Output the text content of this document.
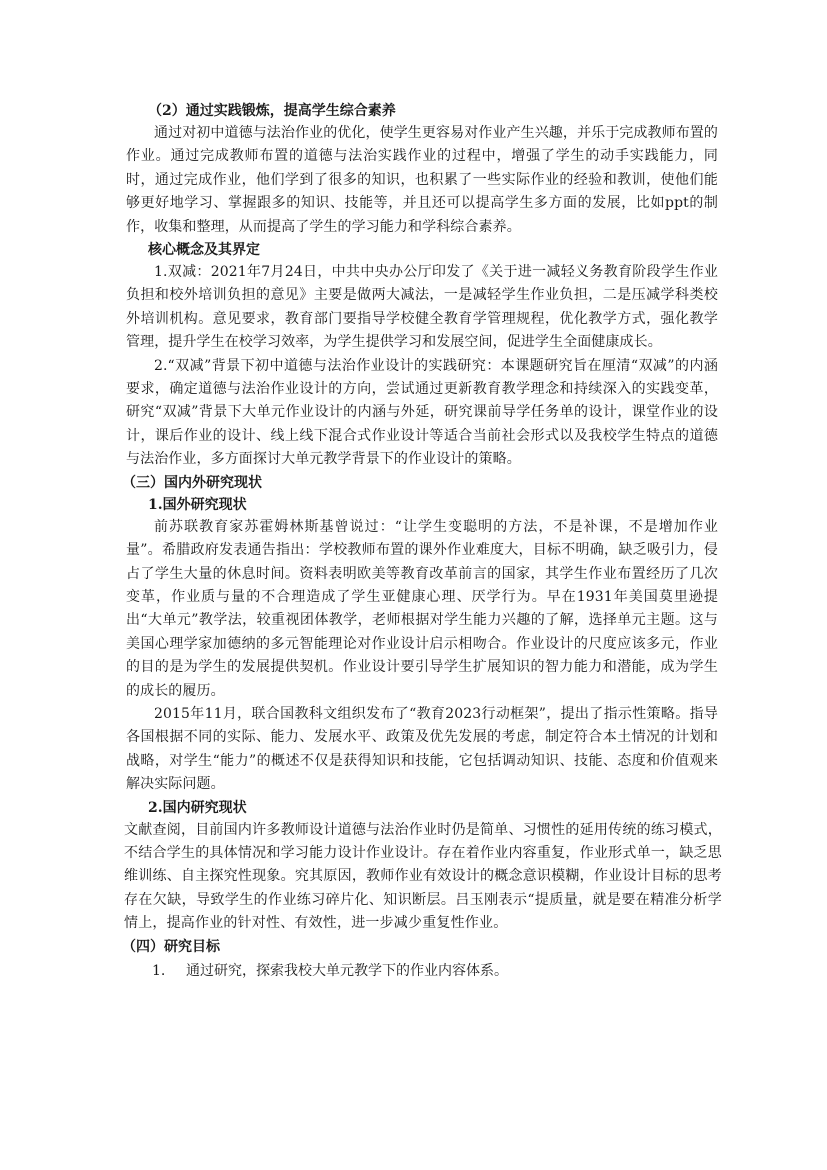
（2）通过实践锻炼，提高学生综合素养

通过对初中道德与法治作业的优化，使学生更容易对作业产生兴趣，并乐于完成教师布置的作业。通过完成教师布置的道德与法治实践作业的过程中，增强了学生的动手实践能力，同时，通过完成作业，他们学到了很多的知识，也积累了一些实际作业的经验和教训，使他们能够更好地学习、掌握跟多的知识、技能等，并且还可以提高学生多方面的发展，比如ppt的制作，收集和整理，从而提高了学生的学习能力和学科综合素养。

核心概念及其界定

1.双减：2021年7月24日，中共中央办公厅印发了《关于进一减轻义务教育阶段学生作业负担和校外培训负担的意见》主要是做两大减法，一是减轻学生作业负担，二是压减学科类校外培训机构。意见要求，教育部门要指导学校健全教育学管理规程，优化教学方式，强化教学管理，提升学生在校学习效率，为学生提供学习和发展空间，促进学生全面健康成长。

2.“双减”背景下初中道德与法治作业设计的实践研究：本课题研究旨在厘清“双减”的内涵要求，确定道德与法治作业设计的方向，尝试通过更新教育教学理念和持续深入的实践变革，研究“双减”背景下大单元作业设计的内涵与外延，研究课前导学任务单的设计，课堂作业的设计，课后作业的设计、线上线下混合式作业设计等适合当前社会形式以及我校学生特点的道德与法治作业，多方面探讨大单元教学背景下的作业设计的策略。

（三）国内外研究现状

1.国外研究现状

前苏联教育家苏霍姆林斯基曾说过：“让学生变聪明的方法，不是补课，不是增加作业量”。希腊政府发表通告指出：学校教师布置的课外作业难度大，目标不明确，缺乏吸引力，侵占了学生大量的休息时间。资料表明欧美等教育改革前言的国家，其学生作业布置经历了几次变革，作业质与量的不合理造成了学生亚健康心理、厌学行为。早在1931年美国莫里逊提出“大单元”教学法，较重视团体教学，老师根据对学生能力兴趣的了解，选择单元主题。这与美国心理学家加德纳的多元智能理论对作业设计启示相吻合。作业设计的尺度应该多元，作业的目的是为学生的发展提供契机。作业设计要引导学生扩展知识的智力能力和潜能，成为学生的成长的履历。

2015年11月，联合国教科文组织发布了“教育2023行动框架”，提出了指示性策略。指导各国根据不同的实际、能力、发展水平、政策及优先发展的考虑，制定符合本土情况的计划和战略，对学生“能力”的概述不仅是获得知识和技能，它包括调动知识、技能、态度和价值观来解决实际问题。

2.国内研究现状

文献查阅，目前国内许多教师设计道德与法治作业时仍是简单、习惯性的延用传统的练习模式，不结合学生的具体情况和学习能力设计作业设计。存在着作业内容重复，作业形式单一，缺乏思维训练、自主探究性现象。究其原因，教师作业有效设计的概念意识模糊，作业设计目标的思考存在欠缺，导致学生的作业练习碎片化、知识断层。吕玉刚表示“提质量，就是要在精准分析学情上，提高作业的针对性、有效性，进一步减少重复性作业。

（四）研究目标

1. 通过研究，探索我校大单元教学下的作业内容体系。
